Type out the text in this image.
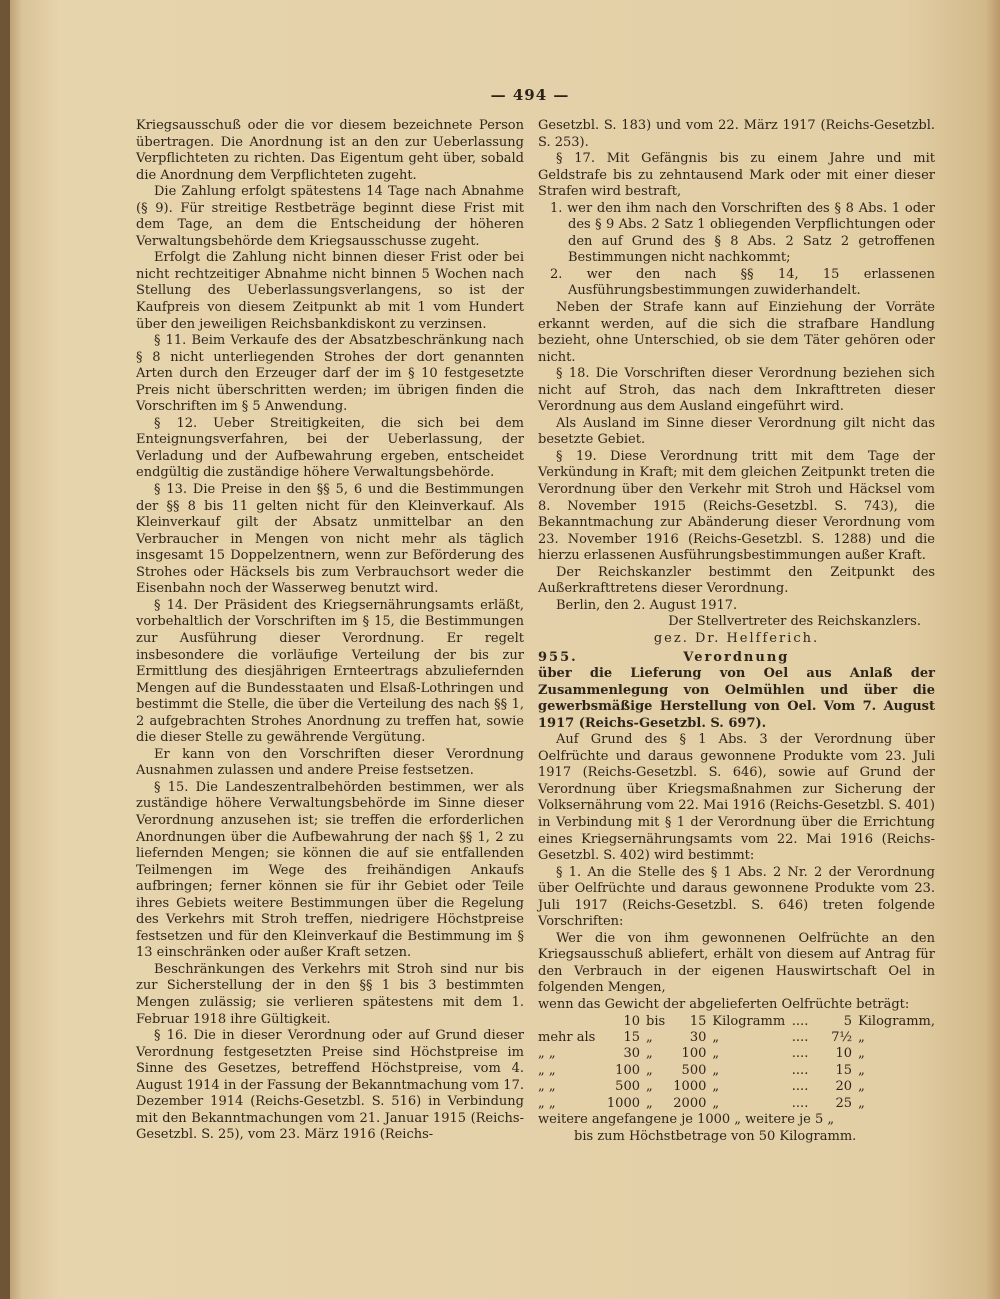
— 494 —

Kriegsausschuß oder die vor diesem bezeichnete Person übertragen. Die Anordnung ist an den zur Ueberlassung Verpflichteten zu richten. Das Eigentum geht über, sobald die Anordnung dem Verpflichteten zugeht.

Die Zahlung erfolgt spätestens 14 Tage nach Abnahme (§ 9). Für streitige Restbeträge beginnt diese Frist mit dem Tage, an dem die Entscheidung der höheren Verwaltungsbehörde dem Kriegsausschusse zugeht.

Erfolgt die Zahlung nicht binnen dieser Frist oder bei nicht rechtzeitiger Abnahme nicht binnen 5 Wochen nach Stellung des Ueberlassungsverlangens, so ist der Kaufpreis von diesem Zeitpunkt ab mit 1 vom Hundert über den jeweiligen Reichsbankdiskont zu verzinsen.

§ 11. Beim Verkaufe des der Absatzbeschränkung nach § 8 nicht unterliegenden Strohes der dort genannten Arten durch den Erzeuger darf der im § 10 festgesetzte Preis nicht überschritten werden; im übrigen finden die Vorschriften im § 5 Anwendung.

§ 12. Ueber Streitigkeiten, die sich bei dem Enteignungsverfahren, bei der Ueberlassung, der Verladung und der Aufbewahrung ergeben, entscheidet endgültig die zuständige höhere Verwaltungsbehörde.

§ 13. Die Preise in den §§ 5, 6 und die Bestimmungen der §§ 8 bis 11 gelten nicht für den Kleinverkauf. Als Kleinverkauf gilt der Absatz unmittelbar an den Verbraucher in Mengen von nicht mehr als täglich insgesamt 15 Doppelzentnern, wenn zur Beförderung des Strohes oder Häcksels bis zum Verbrauchsort weder die Eisenbahn noch der Wasserweg benutzt wird.

§ 14. Der Präsident des Kriegsernährungsamts erläßt, vorbehaltlich der Vorschriften im § 15, die Bestimmungen zur Ausführung dieser Verordnung. Er regelt insbesondere die vorläufige Verteilung der bis zur Ermittlung des diesjährigen Ernteertrags abzuliefernden Mengen auf die Bundesstaaten und Elsaß-Lothringen und bestimmt die Stelle, die über die Verteilung des nach §§ 1, 2 aufgebrachten Strohes Anordnung zu treffen hat, sowie die dieser Stelle zu gewährende Vergütung.

Er kann von den Vorschriften dieser Verordnung Ausnahmen zulassen und andere Preise festsetzen.

§ 15. Die Landeszentralbehörden bestimmen, wer als zuständige höhere Verwaltungsbehörde im Sinne dieser Verordnung anzusehen ist; sie treffen die erforderlichen Anordnungen über die Aufbewahrung der nach §§ 1, 2 zu liefernden Mengen; sie können die auf sie entfallenden Teilmengen im Wege des freihändigen Ankaufs aufbringen; ferner können sie für ihr Gebiet oder Teile ihres Gebiets weitere Bestimmungen über die Regelung des Verkehrs mit Stroh treffen, niedrigere Höchstpreise festsetzen und für den Kleinverkauf die Bestimmung im § 13 einschränken oder außer Kraft setzen.

Beschränkungen des Verkehrs mit Stroh sind nur bis zur Sicherstellung der in den §§ 1 bis 3 bestimmten Mengen zulässig; sie verlieren spätestens mit dem 1. Februar 1918 ihre Gültigkeit.

§ 16. Die in dieser Verordnung oder auf Grund dieser Verordnung festgesetzten Preise sind Höchstpreise im Sinne des Gesetzes, betreffend Höchstpreise, vom 4. August 1914 in der Fassung der Bekanntmachung vom 17. Dezember 1914 (Reichs-Gesetzbl. S. 516) in Verbindung mit den Bekanntmachungen vom 21. Januar 1915 (Reichs-Gesetzbl. S. 25), vom 23. März 1916 (Reichs-

Gesetzbl. S. 183) und vom 22. März 1917 (Reichs-Gesetzbl. S. 253).

§ 17. Mit Gefängnis bis zu einem Jahre und mit Geldstrafe bis zu zehntausend Mark oder mit einer dieser Strafen wird bestraft,

1. wer den ihm nach den Vorschriften des § 8 Abs. 1 oder des § 9 Abs. 2 Satz 1 obliegenden Verpflichtungen oder den auf Grund des § 8 Abs. 2 Satz 2 getroffenen Bestimmungen nicht nachkommt;
2. wer den nach §§ 14, 15 erlassenen Ausführungsbestimmungen zuwiderhandelt.

Neben der Strafe kann auf Einziehung der Vorräte erkannt werden, auf die sich die strafbare Handlung bezieht, ohne Unterschied, ob sie dem Täter gehören oder nicht.

§ 18. Die Vorschriften dieser Verordnung beziehen sich nicht auf Stroh, das nach dem Inkrafttreten dieser Verordnung aus dem Ausland eingeführt wird.

Als Ausland im Sinne dieser Verordnung gilt nicht das besetzte Gebiet.

§ 19. Diese Verordnung tritt mit dem Tage der Verkündung in Kraft; mit dem gleichen Zeitpunkt treten die Verordnung über den Verkehr mit Stroh und Häcksel vom 8. November 1915 (Reichs-Gesetzbl. S. 743), die Bekanntmachung zur Abänderung dieser Verordnung vom 23. November 1916 (Reichs-Gesetzbl. S. 1288) und die hierzu erlassenen Ausführungsbestimmungen außer Kraft.

Der Reichskanzler bestimmt den Zeitpunkt des Außerkrafttretens dieser Verordnung.

Berlin, den 2. August 1917.

Der Stellvertreter des Reichskanzlers.

gez. Dr. Helfferich.

955.	Verordnung

über die Lieferung von Oel aus Anlaß der Zusammenlegung von Oelmühlen und über die gewerbsmäßige Herstellung von Oel. Vom 7. August 1917 (Reichs-Gesetzbl. S. 697).

Auf Grund des § 1 Abs. 3 der Verordnung über Oelfrüchte und daraus gewonnene Produkte vom 23. Juli 1917 (Reichs-Gesetzbl. S. 646), sowie auf Grund der Verordnung über Kriegsmaßnahmen zur Sicherung der Volksernährung vom 22. Mai 1916 (Reichs-Gesetzbl. S. 401) in Verbindung mit § 1 der Verordnung über die Errichtung eines Kriegsernährungsamts vom 22. Mai 1916 (Reichs-Gesetzbl. S. 402) wird bestimmt:

§ 1. An die Stelle des § 1 Abs. 2 Nr. 2 der Verordnung über Oelfrüchte und daraus gewonnene Produkte vom 23. Juli 1917 (Reichs-Gesetzbl. S. 646) treten folgende Vorschriften:

Wer die von ihm gewonnenen Oelfrüchte an den Kriegsausschuß abliefert, erhält von diesem auf Antrag für den Verbrauch in der eigenen Hauswirtschaft Oel in folgenden Mengen,

wenn das Gewicht der abgelieferten Oelfrüchte beträgt:

	10	bis	15	Kilogramm	....	5	Kilogramm,
mehr als	15	„	30	„	....	7½	„
„ „	30	„	100	„	....	10	„
„ „	100	„	500	„	....	15	„
„ „	500	„	1000	„	....	20	„
„ „	1000	„	2000	„	....	25	„

weitere angefangene je 1000 „ weitere je 5 „

bis zum Höchstbetrage von 50 Kilogramm.
